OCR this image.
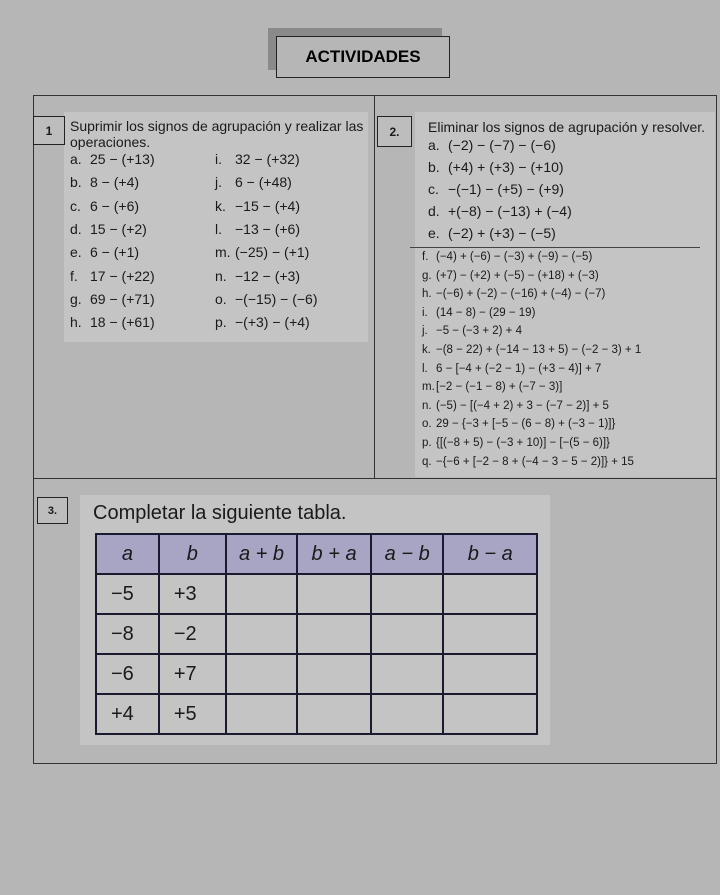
ACTIVIDADES
1	Suprimir los signos de agrupación y realizar las operaciones.
a. 25 − (+13)
b. 8 − (+4)
c. 6 − (+6)
d. 15 − (+2)
e. 6 − (+1)
f. 17 − (+22)
g. 69 − (+71)
h. 18 − (+61)
i. 32 − (+32)
j. 6 − (+48)
k. −15 − (+4)
l. −13 − (+6)
m. (−25) − (+1)
n. −12 − (+3)
o. −(−15) − (−6)
p. −(+3) − (+4)
2.	Eliminar los signos de agrupación y resolver.
a. (−2) − (−7) − (−6)
b. (+4) + (+3) − (+10)
c. −(−1) − (+5) − (+9)
d. +(−8) − (−13) + (−4)
e. (−2) + (+3) − (−5)
f. (−4) + (−6) − (−3) + (−9) − (−5)
g. (+7) − (+2) + (−5) − (+18) + (−3)
h. −(−6) + (−2) − (−16) + (−4) − (−7)
i. (14 − 8) − (29 − 19)
j. −5 − (−3 + 2) + 4
k. −(8 − 22) + (−14 − 13 + 5) − (−2 − 3) + 1
l. 6 − [−4 + (−2 − 1) − (+3 − 4)] + 7
m.[−2 − (−1 − 8) + (−7 − 3)]
n. (−5) − [(−4 + 2) + 3 − (−7 − 2)] + 5
o. 29 − {−3 + [−5 − (6 − 8) + (−3 − 1)]}
p. {[(−8 + 5) − (−3 + 10)] − [−(5 − 6)]}
q. −{−6 + [−2 − 8 + (−4 − 3 − 5 − 2)]} + 15
3.	Completar la siguiente tabla.
a	b	a + b	b + a	a − b	b − a
−5	+3				
−8	−2				
−6	+7				
+4	+5				
